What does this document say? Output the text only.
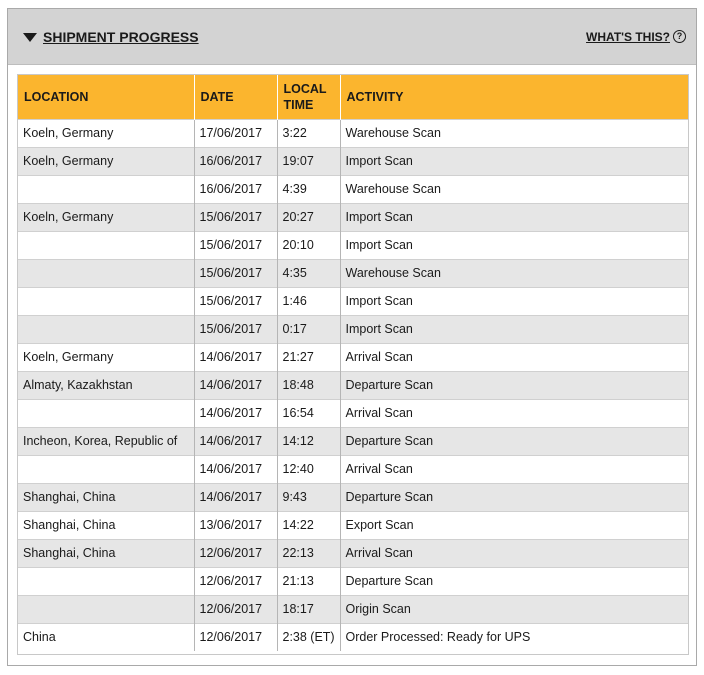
SHIPMENT PROGRESS	WHAT'S THIS? ?
LOCATION	DATE	LOCAL TIME	ACTIVITY
Koeln, Germany	17/06/2017	3:22	Warehouse Scan
Koeln, Germany	16/06/2017	19:07	Import Scan
	16/06/2017	4:39	Warehouse Scan
Koeln, Germany	15/06/2017	20:27	Import Scan
	15/06/2017	20:10	Import Scan
	15/06/2017	4:35	Warehouse Scan
	15/06/2017	1:46	Import Scan
	15/06/2017	0:17	Import Scan
Koeln, Germany	14/06/2017	21:27	Arrival Scan
Almaty, Kazakhstan	14/06/2017	18:48	Departure Scan
	14/06/2017	16:54	Arrival Scan
Incheon, Korea, Republic of	14/06/2017	14:12	Departure Scan
	14/06/2017	12:40	Arrival Scan
Shanghai, China	14/06/2017	9:43	Departure Scan
Shanghai, China	13/06/2017	14:22	Export Scan
Shanghai, China	12/06/2017	22:13	Arrival Scan
	12/06/2017	21:13	Departure Scan
	12/06/2017	18:17	Origin Scan
China	12/06/2017	2:38 (ET)	Order Processed: Ready for UPS
